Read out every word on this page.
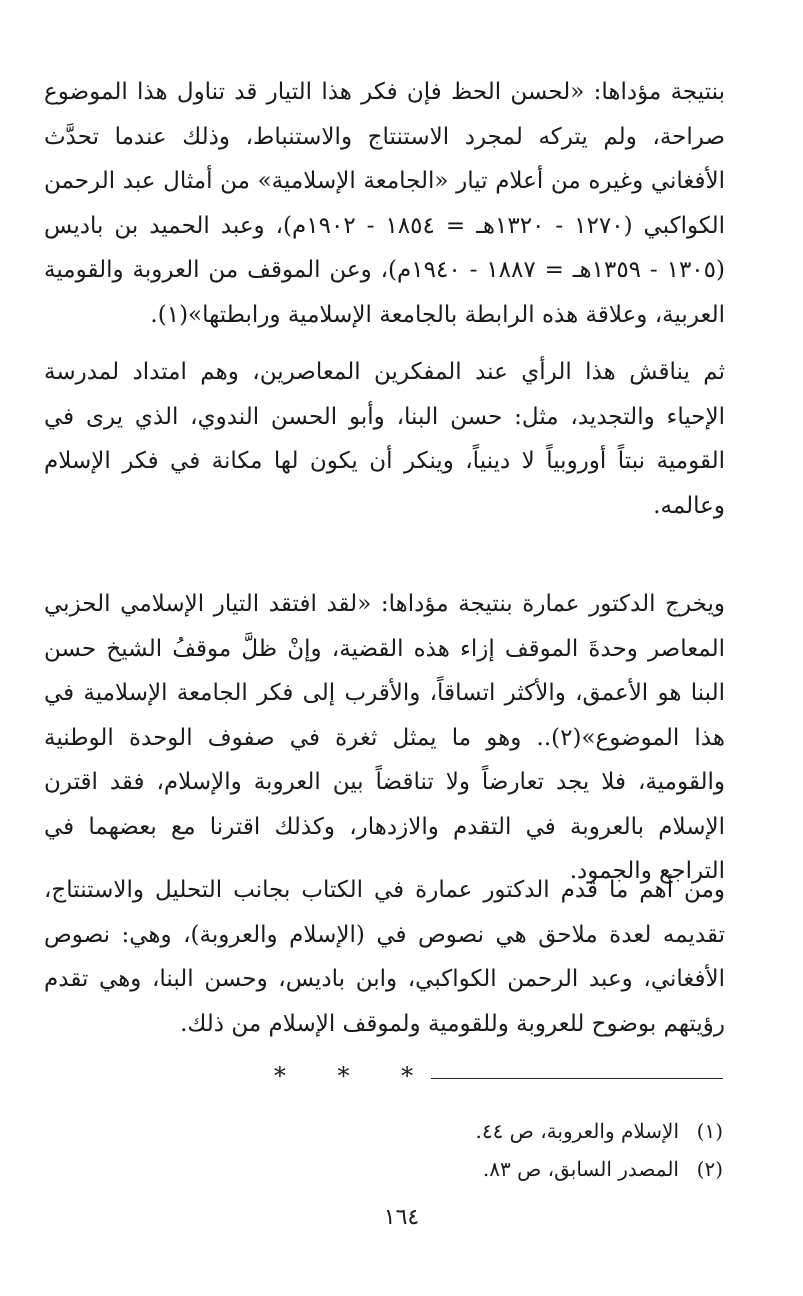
بنتيجة مؤداها: «لحسن الحظ فإن فكر هذا التيار قد تناول هذا الموضوع صراحة، ولم يتركه لمجرد الاستنتاج والاستنباط، وذلك عندما تحدَّث الأفغاني وغيره من أعلام تيار «الجامعة الإسلامية» من أمثال عبد الرحمن الكواكبي (١٢٧٠ - ١٣٢٠هـ = ١٨٥٤ - ١٩٠٢م)، وعبد الحميد بن باديس (١٣٠٥ - ١٣٥٩هـ = ١٨٨٧ - ١٩٤٠م)، وعن الموقف من العروبة والقومية العربية، وعلاقة هذه الرابطة بالجامعة الإسلامية ورابطتها»(١).

ثم يناقش هذا الرأي عند المفكرين المعاصرين، وهم امتداد لمدرسة الإحياء والتجديد، مثل: حسن البنا، وأبو الحسن الندوي، الذي يرى في القومية نبتاً أوروبياً لا دينياً، وينكر أن يكون لها مكانة في فكر الإسلام وعالمه.

ويخرج الدكتور عمارة بنتيجة مؤداها: «لقد افتقد التيار الإسلامي الحزبي المعاصر وحدةَ الموقف إزاء هذه القضية، وإنْ ظلَّ موقفُ الشيخ حسن البنا هو الأعمق، والأكثر اتساقاً، والأقرب إلى فكر الجامعة الإسلامية في هذا الموضوع»(٢).. وهو ما يمثل ثغرة في صفوف الوحدة الوطنية والقومية، فلا يجد تعارضاً ولا تناقضاً بين العروبة والإسلام، فقد اقترن الإسلام بالعروبة في التقدم والازدهار، وكذلك اقترنا مع بعضهما في التراجع والجمود.

ومن أهم ما قدم الدكتور عمارة في الكتاب بجانب التحليل والاستنتاج، تقديمه لعدة ملاحق هي نصوص في (الإسلام والعروبة)، وهي: نصوص الأفغاني، وعبد الرحمن الكواكبي، وابن باديس، وحسن البنا، وهي تقدم رؤيتهم بوضوح للعروبة وللقومية ولموقف الإسلام من ذلك.

* * *
(١)
الإسلام والعروبة، ص ٤٤.
(٢)
المصدر السابق، ص ٨٣.
١٦٤
